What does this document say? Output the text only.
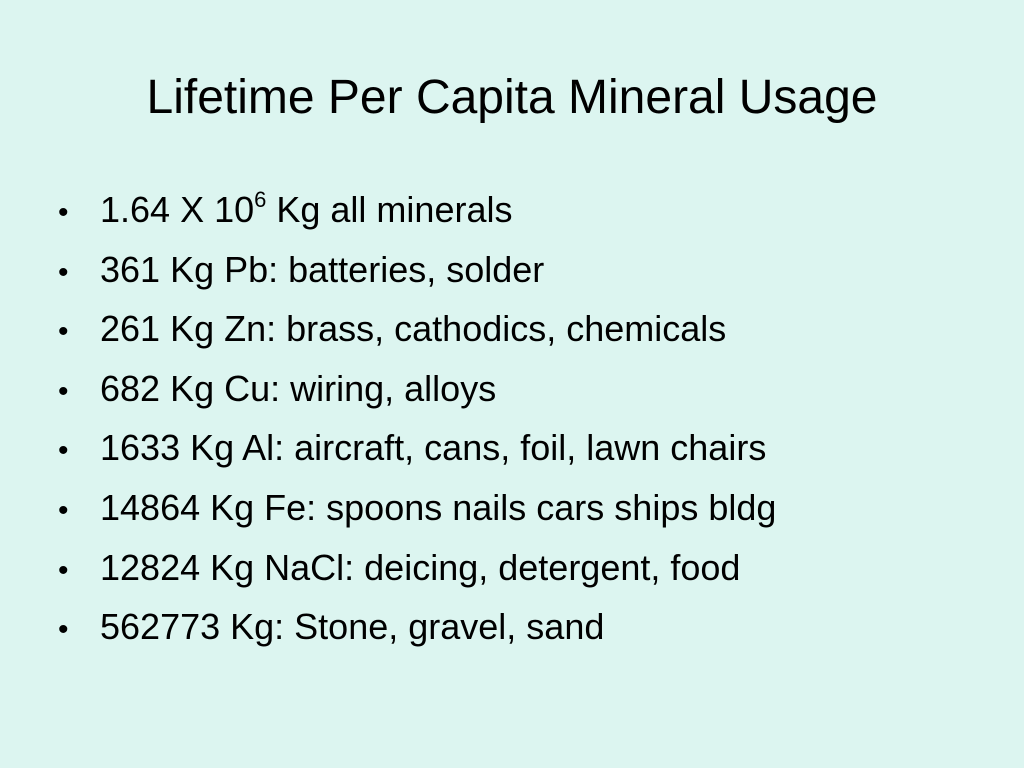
Lifetime Per Capita Mineral Usage
• 1.64 X $10^6$ Kg all minerals
• 361 Kg Pb: batteries, solder
• 261 Kg Zn: brass, cathodics, chemicals
• 682 Kg Cu: wiring, alloys
• 1633 Kg Al: aircraft, cans, foil, lawn chairs
• 14864 Kg Fe: spoons nails cars ships bldg
• 12824 Kg NaCl: deicing, detergent, food
• 562773 Kg: Stone, gravel, sand
